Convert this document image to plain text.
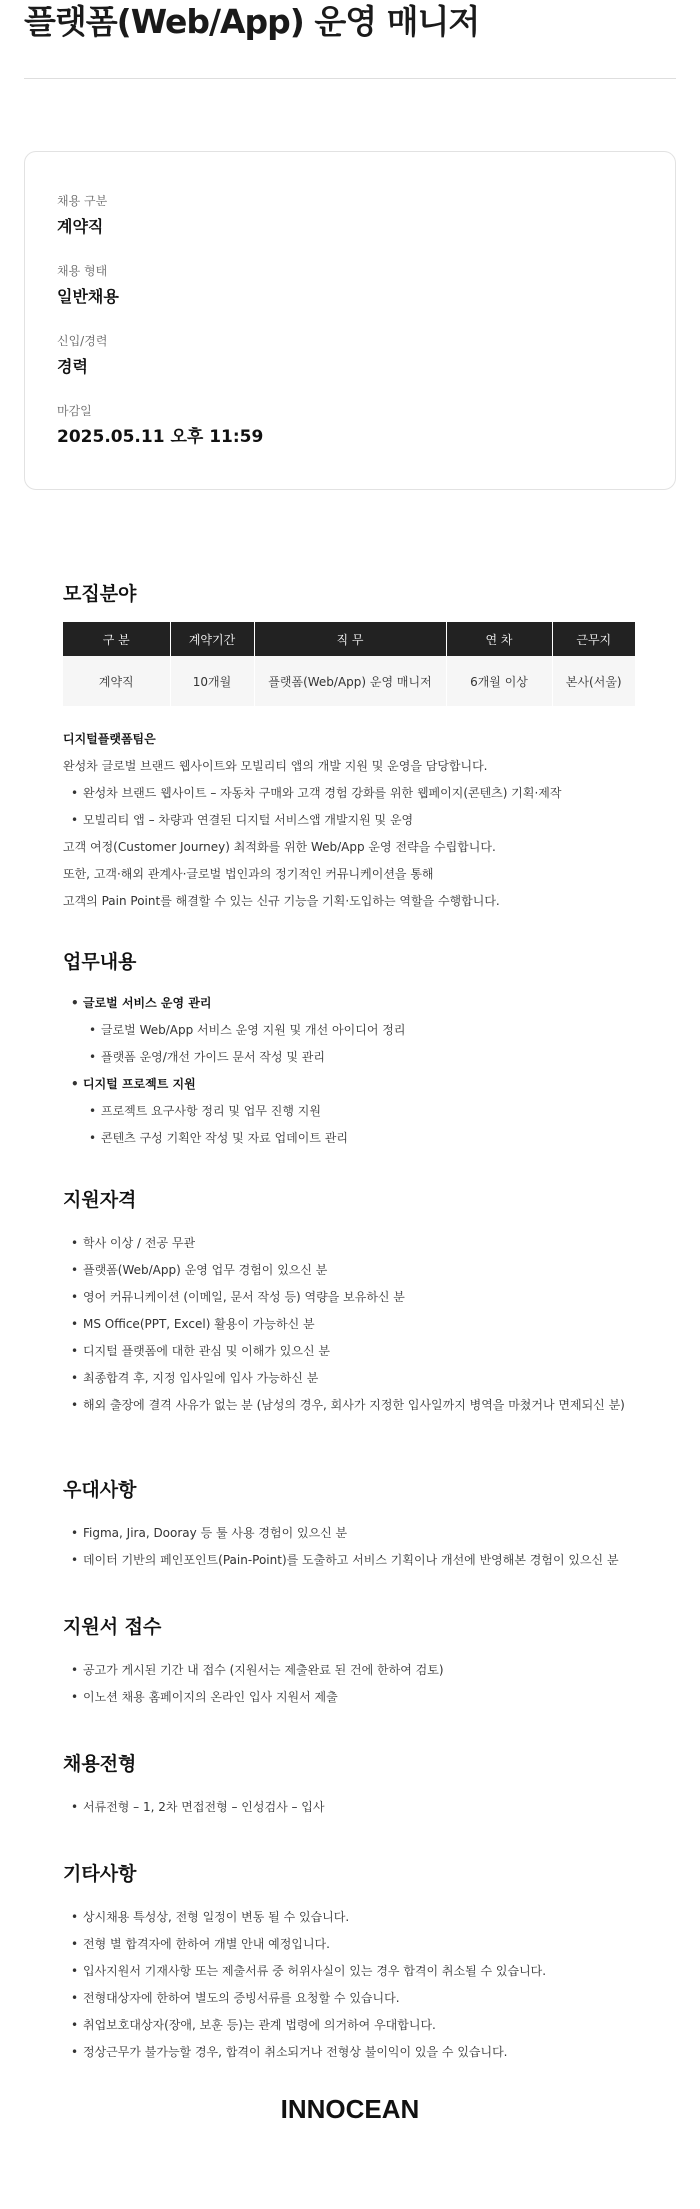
플랫폼(Web/App) 운영 매니저
채용 구분
계약직
채용 형태
일반채용
신입/경력
경력
마감일
2025.05.11 오후 11:59
모집분야
구 분	계약기간	직 무	연 차	근무지
계약직	10개월	플랫폼(Web/App) 운영 매니저	6개월 이상	본사(서울)
디지털플랫폼팀은
완성차 글로벌 브랜드 웹사이트와 모빌리티 앱의 개발 지원 및 운영을 담당합니다.
• 완성차 브랜드 웹사이트 – 자동차 구매와 고객 경험 강화를 위한 웹페이지(콘텐츠) 기획·제작
• 모빌리티 앱 – 차량과 연결된 디지털 서비스앱 개발지원 및 운영
고객 여정(Customer Journey) 최적화를 위한 Web/App 운영 전략을 수립합니다.
또한, 고객·해외 관계사·글로벌 법인과의 정기적인 커뮤니케이션을 통해
고객의 Pain Point를 해결할 수 있는 신규 기능을 기획·도입하는 역할을 수행합니다.
업무내용
• 글로벌 서비스 운영 관리
• 글로벌 Web/App 서비스 운영 지원 및 개선 아이디어 정리
• 플랫폼 운영/개선 가이드 문서 작성 및 관리
• 디지털 프로젝트 지원
• 프로젝트 요구사항 정리 및 업무 진행 지원
• 콘텐츠 구성 기획안 작성 및 자료 업데이트 관리
지원자격
• 학사 이상 / 전공 무관
• 플랫폼(Web/App) 운영 업무 경험이 있으신 분
• 영어 커뮤니케이션 (이메일, 문서 작성 등) 역량을 보유하신 분
• MS Office(PPT, Excel) 활용이 가능하신 분
• 디지털 플랫폼에 대한 관심 및 이해가 있으신 분
• 최종합격 후, 지정 입사일에 입사 가능하신 분
• 해외 출장에 결격 사유가 없는 분 (남성의 경우, 회사가 지정한 입사일까지 병역을 마쳤거나 면제되신 분)
우대사항
• Figma, Jira, Dooray 등 툴 사용 경험이 있으신 분
• 데이터 기반의 페인포인트(Pain-Point)를 도출하고 서비스 기획이나 개선에 반영해본 경험이 있으신 분
지원서 접수
• 공고가 게시된 기간 내 접수 (지원서는 제출완료 된 건에 한하여 검토)
• 이노션 채용 홈페이지의 온라인 입사 지원서 제출
채용전형
• 서류전형 – 1, 2차 면접전형 – 인성검사 – 입사
기타사항
• 상시채용 특성상, 전형 일정이 변동 될 수 있습니다.
• 전형 별 합격자에 한하여 개별 안내 예정입니다.
• 입사지원서 기재사항 또는 제출서류 중 허위사실이 있는 경우 합격이 취소될 수 있습니다.
• 전형대상자에 한하여 별도의 증빙서류를 요청할 수 있습니다.
• 취업보호대상자(장애, 보훈 등)는 관계 법령에 의거하여 우대합니다.
• 정상근무가 불가능할 경우, 합격이 취소되거나 전형상 불이익이 있을 수 있습니다.
INNOCEAN
